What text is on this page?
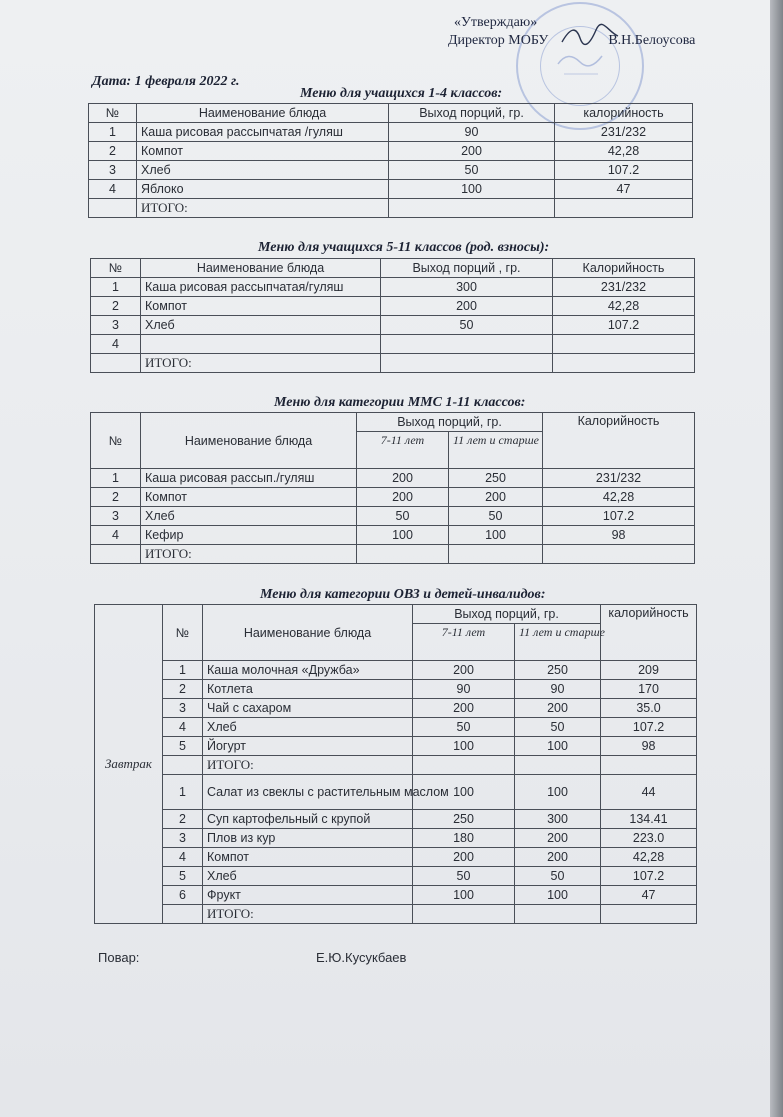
«Утверждаю»
Директор МОБУ	В.Н.Белоусова
Дата: 1 февраля 2022 г.
Меню для учащихся 1-4 классов:
№	Наименование блюда	Выход порций, гр.	калорийность
1	Каша рисовая рассыпчатая /гуляш	90	231/232
2	Компот	200	42,28
3	Хлеб	50	107.2
4	Яблоко	100	47
	ИТОГО:		
Меню для учащихся 5-11 классов (род. взносы):
№	Наименование блюда	Выход порций , гр.	Калорийность
1	Каша рисовая рассыпчатая/гуляш	300	231/232
2	Компот	200	42,28
3	Хлеб	50	107.2
4			
	ИТОГО:		
Меню для категории ММС 1-11 классов:
№	Наименование блюда	Выход порций, гр.		Калорийность
		7-11 лет	11 лет и старше	
1	Каша рисовая рассып./гуляш	200	250	231/232
2	Компот	200	200	42,28
3	Хлеб	50	50	107.2
4	Кефир	100	100	98
	ИТОГО:			
Меню для категории ОВЗ и детей-инвалидов:
Завтрак	№	Наименование блюда	Выход порций, гр.		калорийность
			7-11 лет	11 лет и старше	
	1	Каша молочная «Дружба»	200	250	209
	2	Котлета	90	90	170
	3	Чай с сахаром	200	200	35.0
	4	Хлеб	50	50	107.2
	5	Йогурт	100	100	98
		ИТОГО:			
	1	Салат из свеклы с растительным маслом	100	100	44
	2	Суп картофельный с крупой	250	300	134.41
	3	Плов из кур	180	200	223.0
	4	Компот	200	200	42,28
	5	Хлеб	50	50	107.2
	6	Фрукт	100	100	47
		ИТОГО:			
Повар:	Е.Ю.Кусукбаев
